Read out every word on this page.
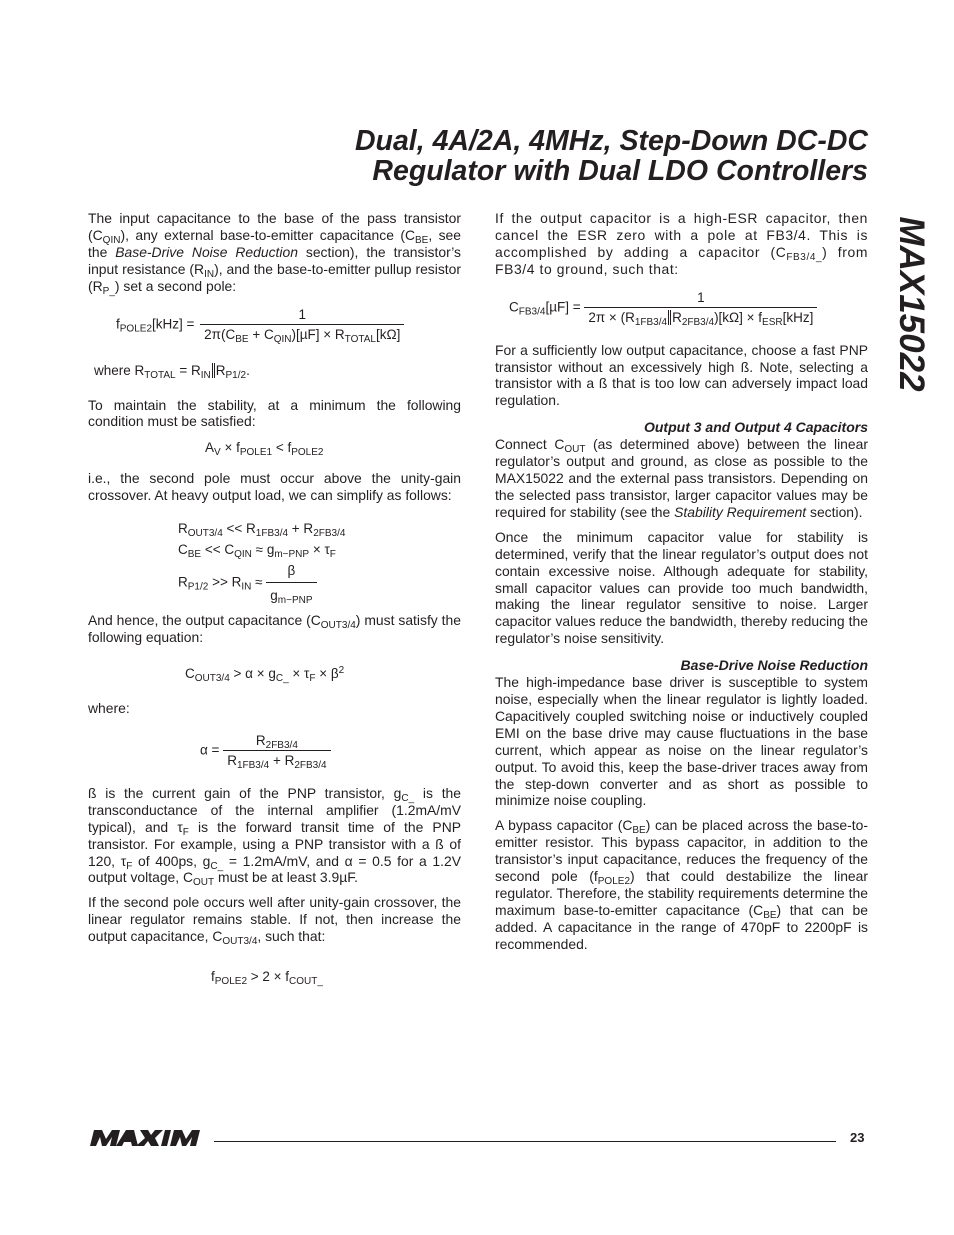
Dual, 4A/2A, 4MHz, Step-Down DC-DC
Regulator with Dual LDO Controllers
MAX15022

The input capacitance to the base of the pass transistor $(C_{QIN})$, any external base-to-emitter capacitance ($C_{BE}$, see the Base-Drive Noise Reduction section), the transistor’s input resistance $(R_{IN})$, and the base-to-emitter pullup resistor $(R_{P\_})$ set a second pole:

$f_{POLE2}[kHz] = \frac{1}{2\pi(C_{BE} + C_{QIN})[\mu F] \times R_{TOTAL}[k\Omega]}$
where $R_{TOTAL} = R_{IN}$ $R_{P1/2}$.

To maintain the stability, at a minimum the following condition must be satisfied:

$A_V \times f_{POLE1} < f_{POLE2}$

i.e., the second pole must occur above the unity-gain crossover. At heavy output load, we can simplify as follows:

$R_{OUT3/4} << R_{1FB3/4} + R_{2FB3/4}$
$C_{BE} << C_{QIN} \approx g_{m-PNP} \times \tau_F$
$R_{P1/2} >> R_{IN} \approx \frac{\beta}{g_{m-PNP}}$

And hence, the output capacitance $(C_{OUT3/4})$ must satisfy the following equation:

$C_{OUT3/4} > \alpha \times g_{C\_} \times \tau_F \times \beta^2$

where:

$\alpha = \frac{R_{2FB3/4}}{R_{1FB3/4} + R_{2FB3/4}}$

ß is the current gain of the PNP transistor, $g_{C\_}$ is the transconductance of the internal amplifier (1.2mA/mV typical), and $\tau_F$ is the forward transit time of the PNP transistor. For example, using a PNP transistor with a ß of 120, $\tau_F$ of 400ps, $g_{C\_} = 1.2mA/mV$, and α = 0.5 for a 1.2V output voltage, $C_{OUT}$ must be at least 3.9µF.

If the second pole occurs well after unity-gain crossover, the linear regulator remains stable. If not, then increase the output capacitance, $C_{OUT3/4}$, such that:

$f_{POLE2} > 2 \times f_{COUT\_}$

If the output capacitor is a high-ESR capacitor, then cancel the ESR zero with a pole at FB3/4. This is accomplished by adding a capacitor $(C_{FB3/4\_})$ from FB3/4 to ground, such that:

$C_{FB3/4}[\mu F] = \frac{1}{2\pi \times (R_{1FB3/4} R_{2FB3/4})[k\Omega] \times f_{ESR}[kHz]}$

For a sufficiently low output capacitance, choose a fast PNP transistor without an excessively high ß. Note, selecting a transistor with a ß that is too low can adversely impact load regulation.

Output 3 and Output 4 Capacitors

Connect $C_{OUT}$ (as determined above) between the linear regulator’s output and ground, as close as possible to the MAX15022 and the external pass transistors. Depending on the selected pass transistor, larger capacitor values may be required for stability (see the Stability Requirement section).

Once the minimum capacitor value for stability is determined, verify that the linear regulator’s output does not contain excessive noise. Although adequate for stability, small capacitor values can provide too much bandwidth, making the linear regulator sensitive to noise. Larger capacitor values reduce the bandwidth, thereby reducing the regulator’s noise sensitivity.

Base-Drive Noise Reduction

The high-impedance base driver is susceptible to system noise, especially when the linear regulator is lightly loaded. Capacitively coupled switching noise or inductively coupled EMI on the base drive may cause fluctuations in the base current, which appear as noise on the linear regulator’s output. To avoid this, keep the base-driver traces away from the step-down converter and as short as possible to minimize noise coupling.

A bypass capacitor $(C_{BE})$ can be placed across the base-to-emitter resistor. This bypass capacitor, in addition to the transistor’s input capacitance, reduces the frequency of the second pole $(f_{POLE2})$ that could destabilize the linear regulator. Therefore, the stability requirements determine the maximum base-to-emitter capacitance $(C_{BE})$ that can be added. A capacitance in the range of 470pF to 2200pF is recommended.

23
